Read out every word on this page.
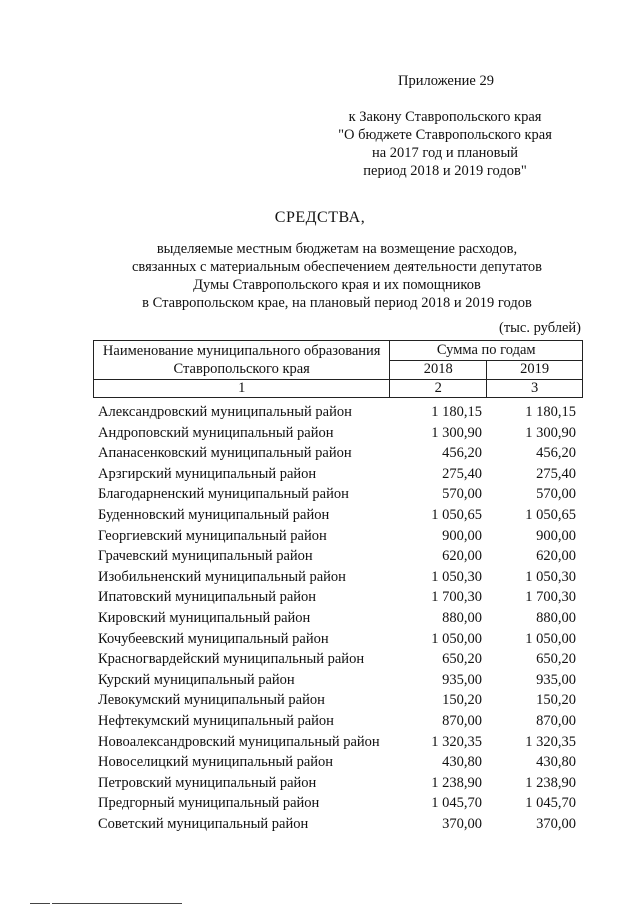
Приложение 29
к Закону Ставропольского края
"О бюджете Ставропольского края
на 2017 год и плановый
период 2018 и 2019 годов"
СРЕДСТВА,
выделяемые местным бюджетам на возмещение расходов,
связанных с материальным обеспечением деятельности депутатов
Думы Ставропольского края и их помощников
в Ставропольском крае, на плановый период 2018 и 2019 годов
(тыс. рублей)
Наименование муниципального образования
Ставропольского края	Сумма по годам	
	2018	2019
1	2	3
Александровский муниципальный район	1 180,15	1 180,15
Андроповский муниципальный район	1 300,90	1 300,90
Апанасенковский муниципальный район	456,20	456,20
Арзгирский муниципальный район	275,40	275,40
Благодарненский муниципальный район	570,00	570,00
Буденновский муниципальный район	1 050,65	1 050,65
Георгиевский муниципальный район	900,00	900,00
Грачевский муниципальный район	620,00	620,00
Изобильненский муниципальный район	1 050,30	1 050,30
Ипатовский муниципальный район	1 700,30	1 700,30
Кировский муниципальный район	880,00	880,00
Кочубеевский муниципальный район	1 050,00	1 050,00
Красногвардейский муниципальный район	650,20	650,20
Курский муниципальный район	935,00	935,00
Левокумский муниципальный район	150,20	150,20
Нефтекумский муниципальный район	870,00	870,00
Новоалександровский муниципальный район	1 320,35	1 320,35
Новоселицкий муниципальный район	430,80	430,80
Петровский муниципальный район	1 238,90	1 238,90
Предгорный муниципальный район	1 045,70	1 045,70
Советский муниципальный район	370,00	370,00
